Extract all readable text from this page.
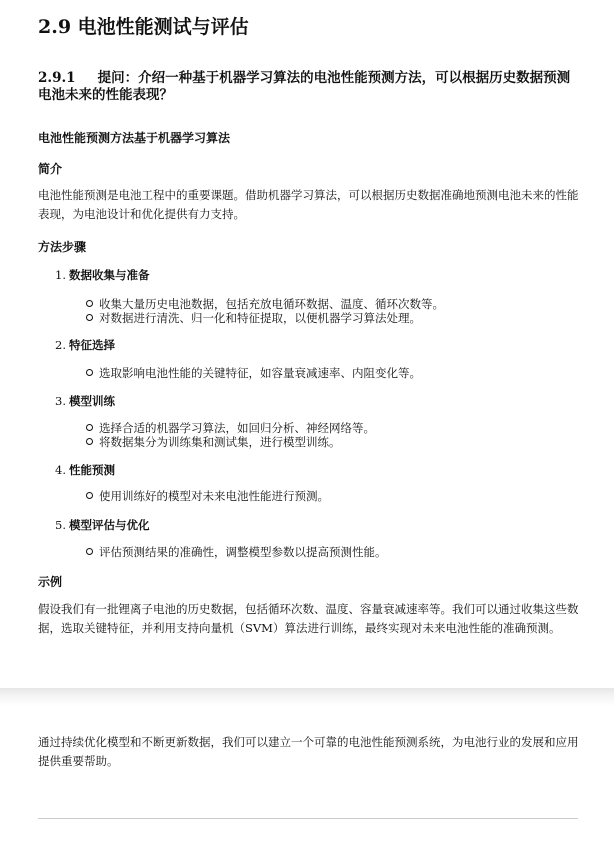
2.9 电池性能测试与评估

2.9.1 提问：介绍一种基于机器学习算法的电池性能预测方法，可以根据历史数据预测电池未来的性能表现？

电池性能预测方法基于机器学习算法

简介

电池性能预测是电池工程中的重要课题。借助机器学习算法，可以根据历史数据准确地预测电池未来的性能表现，为电池设计和优化提供有力支持。

方法步骤

1. 数据收集与准备

收集大量历史电池数据，包括充放电循环数据、温度、循环次数等。
对数据进行清洗、归一化和特征提取，以便机器学习算法处理。

2. 特征选择

选取影响电池性能的关键特征，如容量衰减速率、内阻变化等。

3. 模型训练

选择合适的机器学习算法，如回归分析、神经网络等。
将数据集分为训练集和测试集，进行模型训练。

4. 性能预测

使用训练好的模型对未来电池性能进行预测。

5. 模型评估与优化

评估预测结果的准确性，调整模型参数以提高预测性能。

示例

假设我们有一批锂离子电池的历史数据，包括循环次数、温度、容量衰减速率等。我们可以通过收集这些数据，选取关键特征，并利用支持向量机（SVM）算法进行训练，最终实现对未来电池性能的准确预测。

通过持续优化模型和不断更新数据，我们可以建立一个可靠的电池性能预测系统，为电池行业的发展和应用提供重要帮助。
